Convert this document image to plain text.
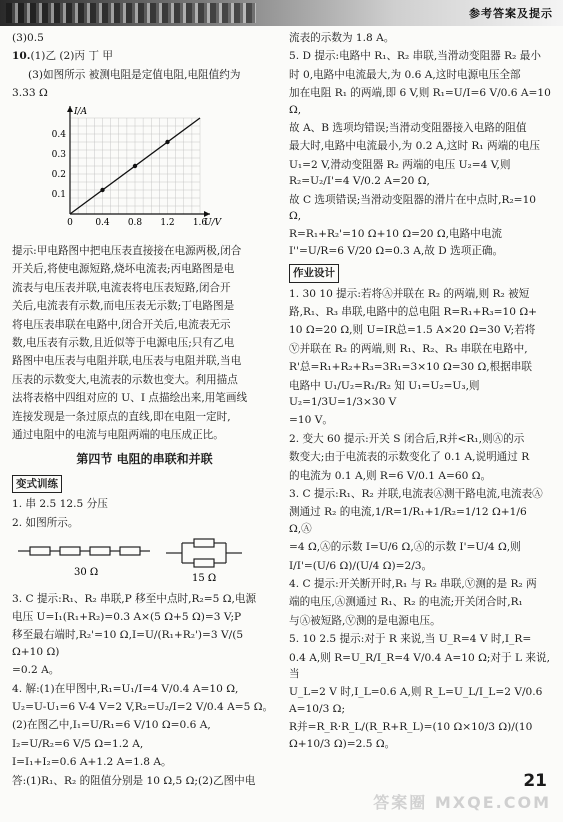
参考答案及提示

(3)0.5

10.(1)乙 (2)丙 丁 甲

(3)如图所示 被测电阻是定值电阻,电阻值约为

3.33 Ω

0 0.4 0.8 1.2 1.6
0.1
0.2
0.3
0.4
I/A
U/V

提示:甲电路图中把电压表直接接在电源两极,闭合

开关后,将使电源短路,烧坏电流表;丙电路图是电

流表与电压表并联,电流表将电压表短路,闭合开

关后,电流表有示数,而电压表无示数;丁电路图是

将电压表串联在电路中,闭合开关后,电流表无示

数,电压表有示数,且近似等于电源电压;只有乙电

路图中电压表与电阻并联,电压表与电阻并联,当电

压表的示数变大,电流表的示数也变大。利用描点

法将表格中四组对应的 U、I 点描绘出来,用笔画线

连接发现是一条过原点的直线,即在电阻一定时,

通过电阻中的电流与电阻两端的电压成正比。

第四节 电阻的串联和并联
变式训练

1. 串 2.5 12.5 分压

2. 如图所示。

30 Ω
15 Ω

3. C 提示:R₁、R₂ 串联,P 移至中点时,R₂=5 Ω,电源

电压 U=I₁(R₁+R₂)=0.3 A×(5 Ω+5 Ω)=3 V;P

移至最右端时,R₂'=10 Ω,I=U/(R₁+R₂')=3 V/(5 Ω+10 Ω)

=0.2 A。

4. 解:(1)在甲图中,R₁=U₁/I=4 V/0.4 A=10 Ω,

U₂=U-U₁=6 V-4 V=2 V,R₂=U₂/I=2 V/0.4 A=5 Ω。

(2)在图乙中,I₁=U/R₁=6 V/10 Ω=0.6 A,

I₂=U/R₂=6 V/5 Ω=1.2 A,

I=I₁+I₂=0.6 A+1.2 A=1.8 A。

答:(1)R₁、R₂ 的阻值分别是 10 Ω,5 Ω;(2)乙图中电

流表的示数为 1.8 A。

5. D 提示:电路中 R₁、R₂ 串联,当滑动变阻器 R₂ 最小

时 0,电路中电流最大,为 0.6 A,这时电源电压全部

加在电阻 R₁ 的两端,即 6 V,则 R₁=U/I=6 V/0.6 A=10 Ω,

故 A、B 选项均错误;当滑动变阻器接入电路的阻值

最大时,电路中电流最小,为 0.2 A,这时 R₁ 两端的电压

U₁=2 V,滑动变阻器 R₂ 两端的电压 U₂=4 V,则 R₂=U₂/I'=4 V/0.2 A=20 Ω,

故 C 选项错误;当滑动变阻器的滑片在中点时,R₂=10 Ω,

R=R₁+R₂'=10 Ω+10 Ω=20 Ω,电路中电流 I''=U/R=6 V/20 Ω=0.3 A,故 D 选项正确。

作业设计

1. 30 10 提示:若将Ⓐ并联在 R₂ 的两端,则 R₂ 被短

路,R₁、R₃ 串联,电路中的总电阻 R=R₁+R₃=10 Ω+

10 Ω=20 Ω,则 U=IR总=1.5 A×20 Ω=30 V;若将

Ⓥ并联在 R₂ 的两端,则 R₁、R₂、R₃ 串联在电路中,

R'总=R₁+R₂+R₃=3R₁=3×10 Ω=30 Ω,根据串联

电路中 U₁/U₂=R₁/R₂ 知 U₁=U₂=U₃,则 U₂=1/3U=1/3×30 V

=10 V。

2. 变大 60 提示:开关 S 闭合后,R并<R₁,则Ⓐ的示

数变大;由于电流表的示数变化了 0.1 A,说明通过 R

的电流为 0.1 A,则 R=6 V/0.1 A=60 Ω。

3. C 提示:R₁、R₂ 并联,电流表Ⓐ测干路电流,电流表Ⓐ

测通过 R₂ 的电流,1/R=1/R₁+1/R₂=1/12 Ω+1/6 Ω,Ⓐ

=4 Ω,Ⓐ的示数 I=U/6 Ω,Ⓐ的示数 I'=U/4 Ω,则

I/I'=(U/6 Ω)/(U/4 Ω)=2/3。

4. C 提示:开关断开时,R₁ 与 R₂ 串联,Ⓥ测的是 R₂ 两

端的电压,Ⓐ测通过 R₁、R₂ 的电流;开关闭合时,R₁

与Ⓐ被短路,Ⓥ测的是电源电压。

5. 10 2.5 提示:对于 R 来说,当 U_R=4 V 时,I_R=

0.4 A,则 R=U_R/I_R=4 V/0.4 A=10 Ω;对于 L 来说,当

U_L=2 V 时,I_L=0.6 A,则 R_L=U_L/I_L=2 V/0.6 A=10/3 Ω;

R并=R_R·R_L/(R_R+R_L)=(10 Ω×10/3 Ω)/(10 Ω+10/3 Ω)=2.5 Ω。

21
答案圈 MXQE.COM
